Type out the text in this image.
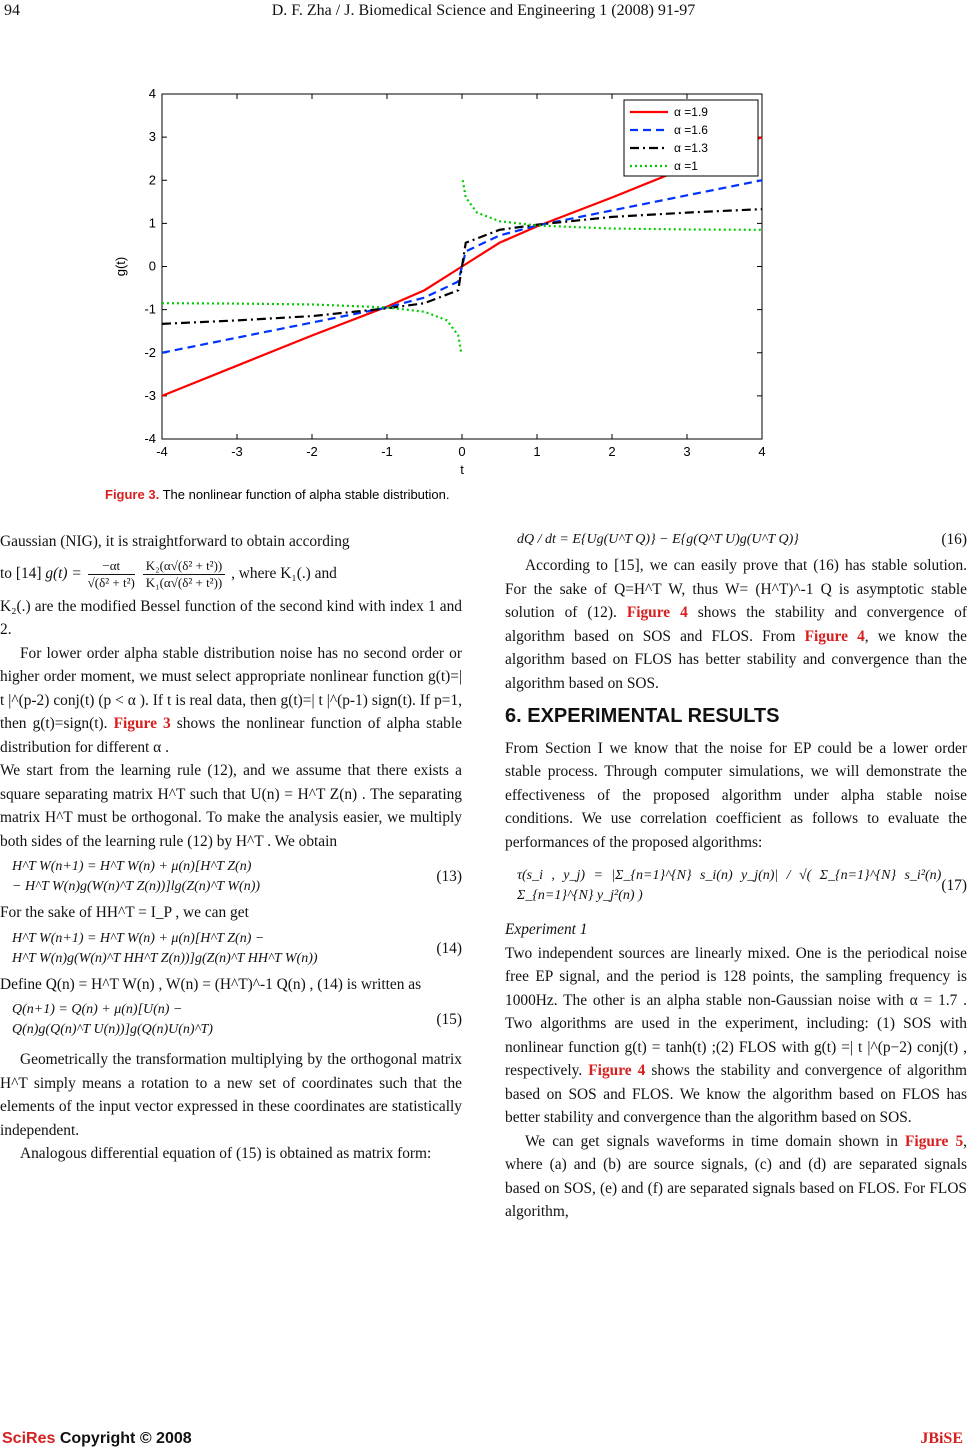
94	D. F. Zha / J. Biomedical Science and Engineering 1 (2008) 91-97
-4	-3	-2	-1	0	1	2	3	4
-4
-3
-2
-1
0
1
2
3
4
t
g(t)
α =1.9
α =1.6
α =1.3
α =1
Figure 3. The nonlinear function of alpha stable distribution.

Gaussian (NIG), it is straightforward to obtain according

to [14] $g(t) = \frac{-\alpha t}{\text{√(δ² + t²)}}$
$\frac{\text{K₂(α√(δ² + t²))}}{\text{K₁(α√(δ² + t²))}}$ , where K₁(.) and

K₂(.) are the modified Bessel function of the second kind with index 1 and 2.

For lower order alpha stable distribution noise has no second order or higher order moment, we must select appropriate nonlinear function g(t)=| t |^(p-2) conj(t) (p < α ). If t is real data, then g(t)=| t |^(p-1) sign(t). If p=1, then g(t)=sign(t). Figure 3 shows the nonlinear function of alpha stable distribution for different α .

We start from the learning rule (12), and we assume that there exists a square separating matrix H^T such that U(n) = H^T Z(n) . The separating matrix H^T must be orthogonal. To make the analysis easier, we multiply both sides of the learning rule (12) by H^T . We obtain

H^T W(n+1) = H^T W(n) + μ(n)[H^T Z(n)
− H^T W(n)g(W(n)^T Z(n))]lg(Z(n)^T W(n))
(13)

For the sake of HH^T = I_P , we can get

H^T W(n+1) = H^T W(n) + μ(n)[H^T Z(n) −
H^T W(n)g(W(n)^T HH^T Z(n))]g(Z(n)^T HH^T W(n))
(14)

Define Q(n) = H^T W(n) , W(n) = (H^T)^-1 Q(n) , (14) is written as

Q(n+1) = Q(n) + μ(n)[U(n) −
Q(n)g(Q(n)^T U(n))]g(Q(n)U(n)^T)
(15)

Geometrically the transformation multiplying by the orthogonal matrix H^T simply means a rotation to a new set of coordinates such that the elements of the input vector expressed in these coordinates are statistically independent.

Analogous differential equation of (15) is obtained as matrix form:

dQ / dt = E{Ug(U^T Q)} − E{g(Q^T U)g(U^T Q)}	(16)

According to [15], we can easily prove that (16) has stable solution. For the sake of Q=H^T W, thus W= (H^T)^-1 Q is asymptotic stable solution of (12). Figure 4 shows the stability and convergence of algorithm based on SOS and FLOS. From Figure 4, we know the algorithm based on FLOS has better stability and convergence than the algorithm based on SOS.

6. EXPERIMENTAL RESULTS

From Section I we know that the noise for EP could be a lower order stable process. Through computer simulations, we will demonstrate the effectiveness of the proposed algorithm under alpha stable noise conditions. We use correlation coefficient as follows to evaluate the performances of the proposed algorithms:

τ(s_i , y_j) = |Σ_{n=1}^{N} s_i(n) y_j(n)| / √( Σ_{n=1}^{N} s_i²(n) Σ_{n=1}^{N} y_j²(n) )
(17)

Experiment 1

Two independent sources are linearly mixed. One is the periodical noise free EP signal, and the period is 128 points, the sampling frequency is 1000Hz. The other is an alpha stable non-Gaussian noise with α = 1.7 . Two algorithms are used in the experiment, including: (1) SOS with nonlinear function g(t) = tanh(t) ;(2) FLOS with g(t) =| t |^(p−2) conj(t) , respectively. Figure 4 shows the stability and convergence of algorithm based on SOS and FLOS. We know the algorithm based on FLOS has better stability and convergence than the algorithm based on SOS.

We can get signals waveforms in time domain shown in Figure 5, where (a) and (b) are source signals, (c) and (d) are separated signals based on SOS, (e) and (f) are separated signals based on FLOS. For FLOS algorithm,

SciRes Copyright © 2008	JBiSE
